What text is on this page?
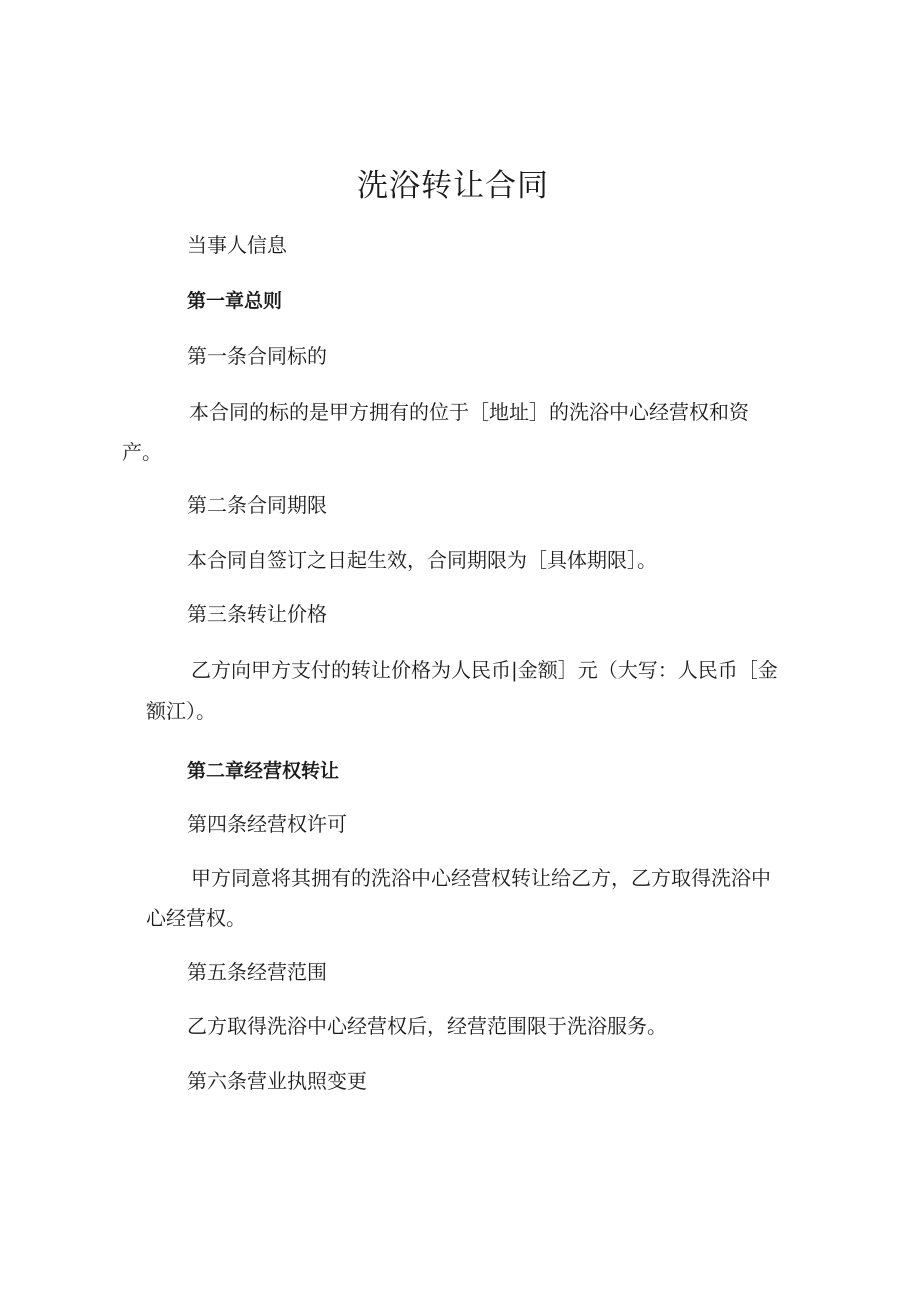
洗浴转让合同
当事人信息
第一章总则
第一条合同标的
本合同的标的是甲方拥有的位于［地址］的洗浴中心经营权和资
产。
第二条合同期限
本合同自签订之日起生效，合同期限为［具体期限］。
第三条转让价格
乙方向甲方支付的转让价格为人民币|金额］元（大写：人民币［金
额江）。
第二章经营权转让
第四条经营权许可
甲方同意将其拥有的洗浴中心经营权转让给乙方，乙方取得洗浴中
心经营权。
第五条经营范围
乙方取得洗浴中心经营权后，经营范围限于洗浴服务。
第六条营业执照变更
